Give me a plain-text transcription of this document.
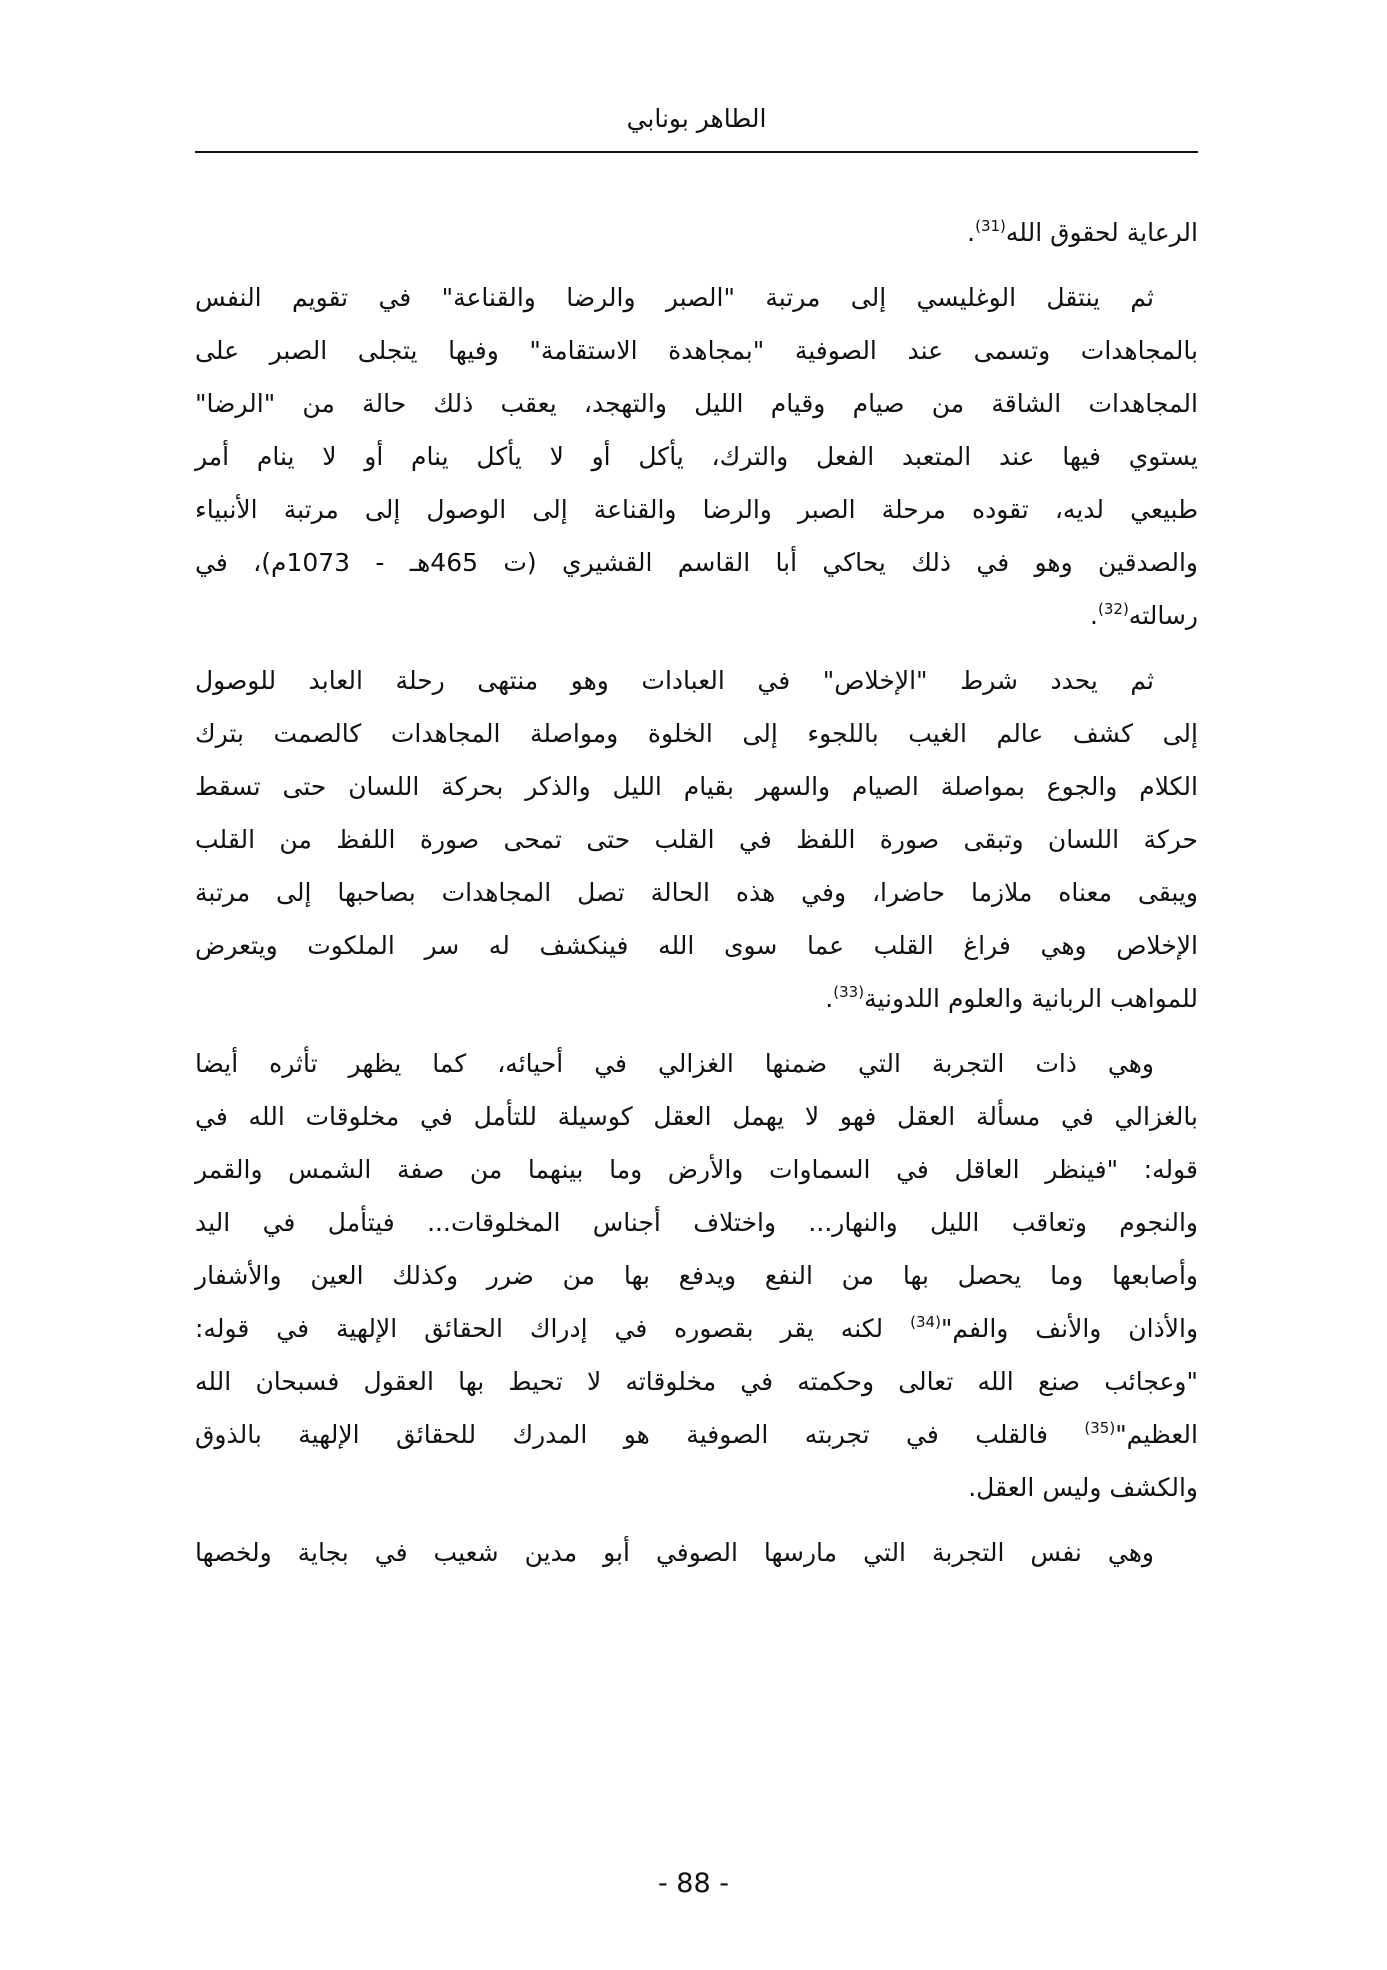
الطاهر بونابي
الرعاية لحقوق الله$^{(31)}$.
ثم ينتقل الوغليسي إلى مرتبة "الصبر والرضا والقناعة" في تقويم النفس
بالمجاهدات وتسمى عند الصوفية "بمجاهدة الاستقامة" وفيها يتجلى الصبر على
المجاهدات الشاقة من صيام وقيام الليل والتهجد، يعقب ذلك حالة من "الرضا"
يستوي فيها عند المتعبد الفعل والترك، يأكل أو لا يأكل ينام أو لا ينام أمر
طبيعي لديه، تقوده مرحلة الصبر والرضا والقناعة إلى الوصول إلى مرتبة الأنبياء
والصدقين وهو في ذلك يحاكي أبا القاسم القشيري (ت 465هـ - 1073م)، في
رسالته$^{(32)}$.
ثم يحدد شرط "الإخلاص" في العبادات وهو منتهى رحلة العابد للوصول
إلى كشف عالم الغيب باللجوء إلى الخلوة ومواصلة المجاهدات كالصمت بترك
الكلام والجوع بمواصلة الصيام والسهر بقيام الليل والذكر بحركة اللسان حتى تسقط
حركة اللسان وتبقى صورة اللفظ في القلب حتى تمحى صورة اللفظ من القلب
ويبقى معناه ملازما حاضرا، وفي هذه الحالة تصل المجاهدات بصاحبها إلى مرتبة
الإخلاص وهي فراغ القلب عما سوى الله فينكشف له سر الملكوت ويتعرض
للمواهب الربانية والعلوم اللدونية$^{(33)}$.
وهي ذات التجربة التي ضمنها الغزالي في أحيائه، كما يظهر تأثره أيضا
بالغزالي في مسألة العقل فهو لا يهمل العقل كوسيلة للتأمل في مخلوقات الله في
قوله: "فينظر العاقل في السماوات والأرض وما بينهما من صفة الشمس والقمر
والنجوم وتعاقب الليل والنهار... واختلاف أجناس المخلوقات... فيتأمل في اليد
وأصابعها وما يحصل بها من النفع ويدفع بها من ضرر وكذلك العين والأشفار
والأذان والأنف والفم"$^{(34)}$ لكنه يقر بقصوره في إدراك الحقائق الإلهية في قوله:
"وعجائب صنع الله تعالى وحكمته في مخلوقاته لا تحيط بها العقول فسبحان الله
العظيم"$^{(35)}$ فالقلب في تجربته الصوفية هو المدرك للحقائق الإلهية بالذوق
والكشف وليس العقل.
وهي نفس التجربة التي مارسها الصوفي أبو مدين شعيب في بجاية ولخصها
- 88 -
